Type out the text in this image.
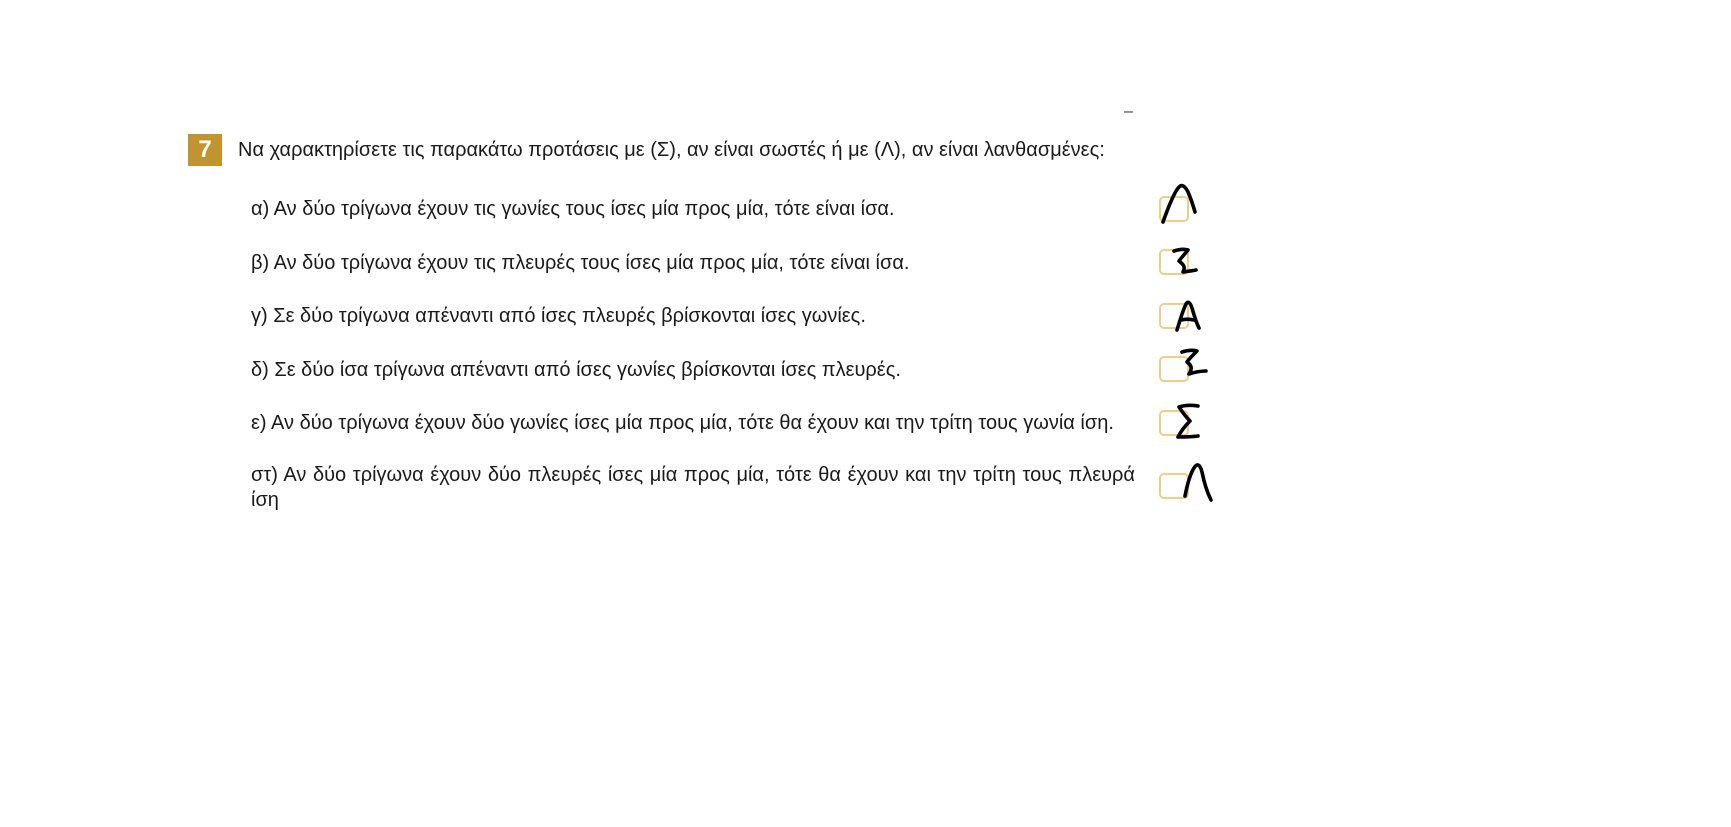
–
7	Να χαρακτηρίσετε τις παρακάτω προτάσεις με (Σ), αν είναι σωστές ή με (Λ), αν είναι λανθασμένες:
α) Αν δύο τρίγωνα έχουν τις γωνίες τους ίσες μία προς μία, τότε είναι ίσα.
β) Αν δύο τρίγωνα έχουν τις πλευρές τους ίσες μία προς μία, τότε είναι ίσα.
γ) Σε δύο τρίγωνα απέναντι από ίσες πλευρές βρίσκονται ίσες γωνίες.
δ) Σε δύο ίσα τρίγωνα απέναντι από ίσες γωνίες βρίσκονται ίσες πλευρές.
ε) Αν δύο τρίγωνα έχουν δύο γωνίες ίσες μία προς μία, τότε θα έχουν και την τρίτη τους γωνία ίση.
στ) Αν δύο τρίγωνα έχουν δύο πλευρές ίσες μία προς μία, τότε θα έχουν και την τρίτη τους πλευρά ίση
